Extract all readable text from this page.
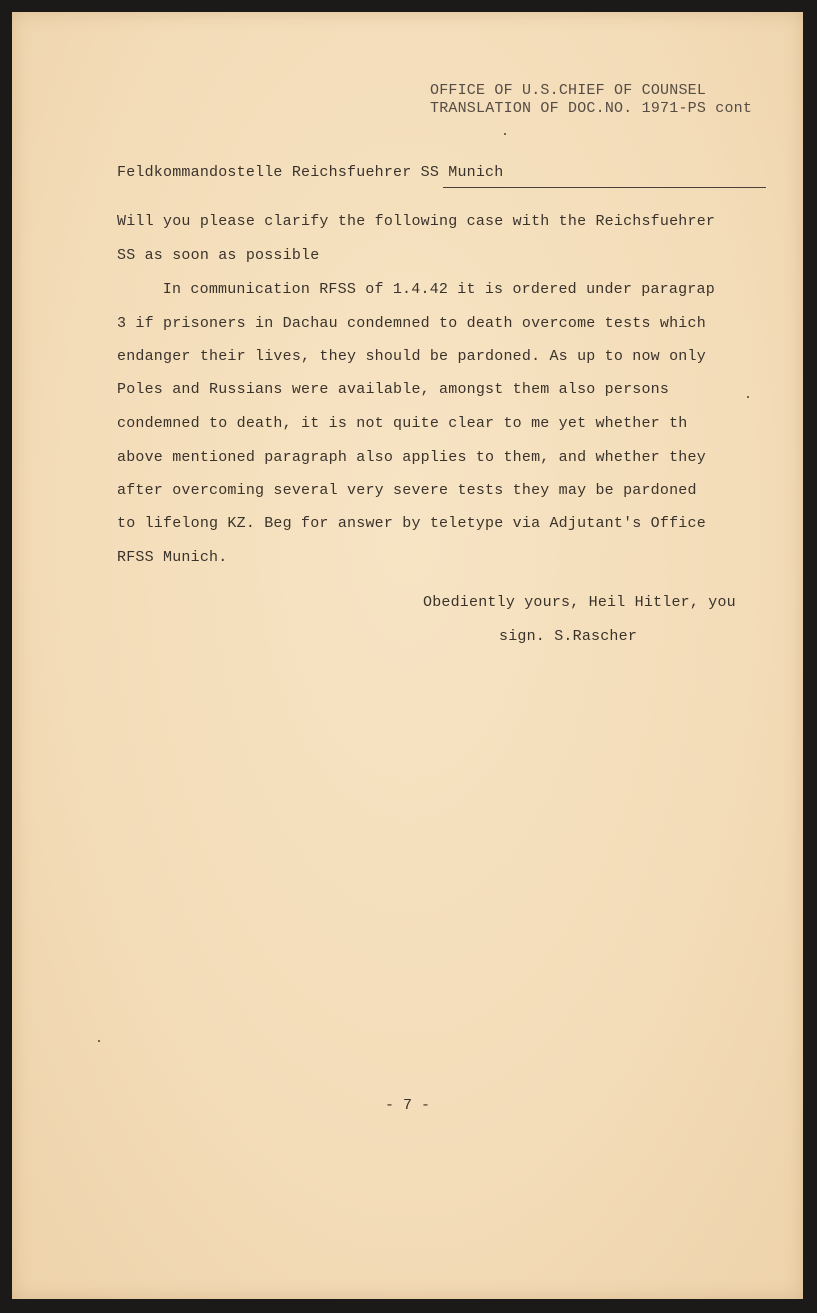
OFFICE OF U.S.CHIEF OF COUNSEL
TRANSLATION OF DOC.NO. 1971-PS cont
Feldkommandostelle Reichsfuehrer SS Munich
Will you please clarify the following case with the Reichsfuehrer
SS as soon as possible
In communication RFSS of 1.4.42 it is ordered under paragrap
3 if prisoners in Dachau condemned to death overcome tests which
endanger their lives, they should be pardoned. As up to now only
Poles and Russians were available, amongst them also persons
condemned to death, it is not quite clear to me yet whether th
above mentioned paragraph also applies to them, and whether they
after overcoming several very severe tests they may be pardoned
to lifelong KZ. Beg for answer by teletype via Adjutant's Office
RFSS Munich.
Obediently yours, Heil Hitler, you
sign. S.Rascher
- 7 -
